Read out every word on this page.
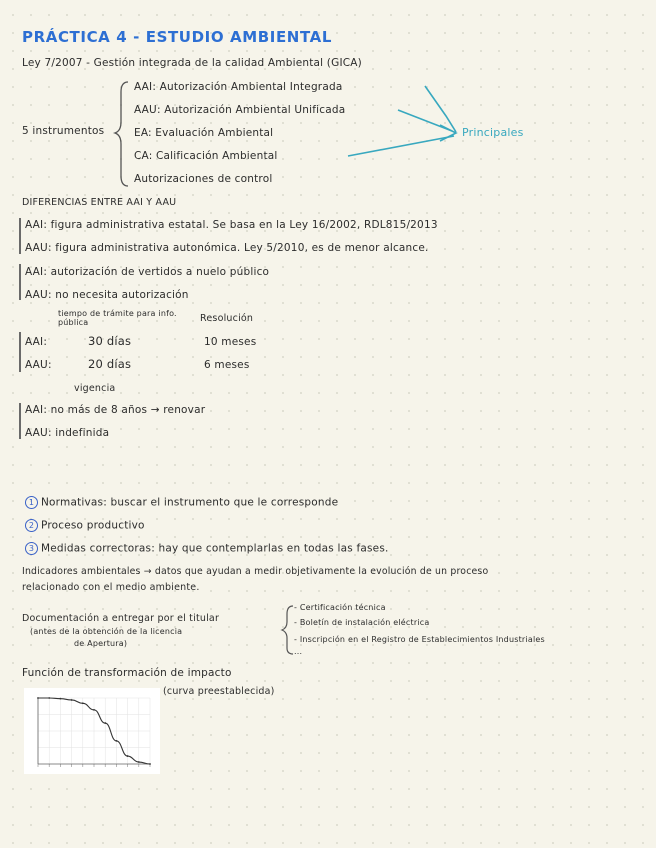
PRÁCTICA 4 - ESTUDIO AMBIENTAL
Ley 7/2007 - Gestión integrada de la calidad Ambiental (GICA)
5 instrumentos
AAI: Autorización Ambiental Integrada
AAU: Autorización Ambiental Unificada
EA: Evaluación Ambiental
CA: Calificación Ambiental
Autorizaciones de control
Principales
DIFERENCIAS ENTRE AAI Y AAU
AAI: figura administrativa estatal. Se basa en la Ley 16/2002, RDL815/2013
AAU: figura administrativa autonómica. Ley 5/2010, es de menor alcance.
AAI: autorización de vertidos a nuelo público
AAU: no necesita autorización
tiempo de trámite para info. pública	Resolución
AAI:	30 días	10 meses
AAU:	20 días	6 meses
vigencia
AAI: no más de 8 años → renovar
AAU: indefinida
1 Normativas: buscar el instrumento que le corresponde
2 Proceso productivo
3 Medidas correctoras: hay que contemplarlas en todas las fases.
Indicadores ambientales → datos que ayudan a medir objetivamente la evolución de un proceso
relacionado con el medio ambiente.
Documentación a entregar por el titular
(antes de la obtención de la licencia
de Apertura)
- Certificación técnica
- Boletín de instalación eléctrica
- Inscripción en el Registro de Establecimientos Industriales
...
Función de transformación de impacto
(curva preestablecida)
